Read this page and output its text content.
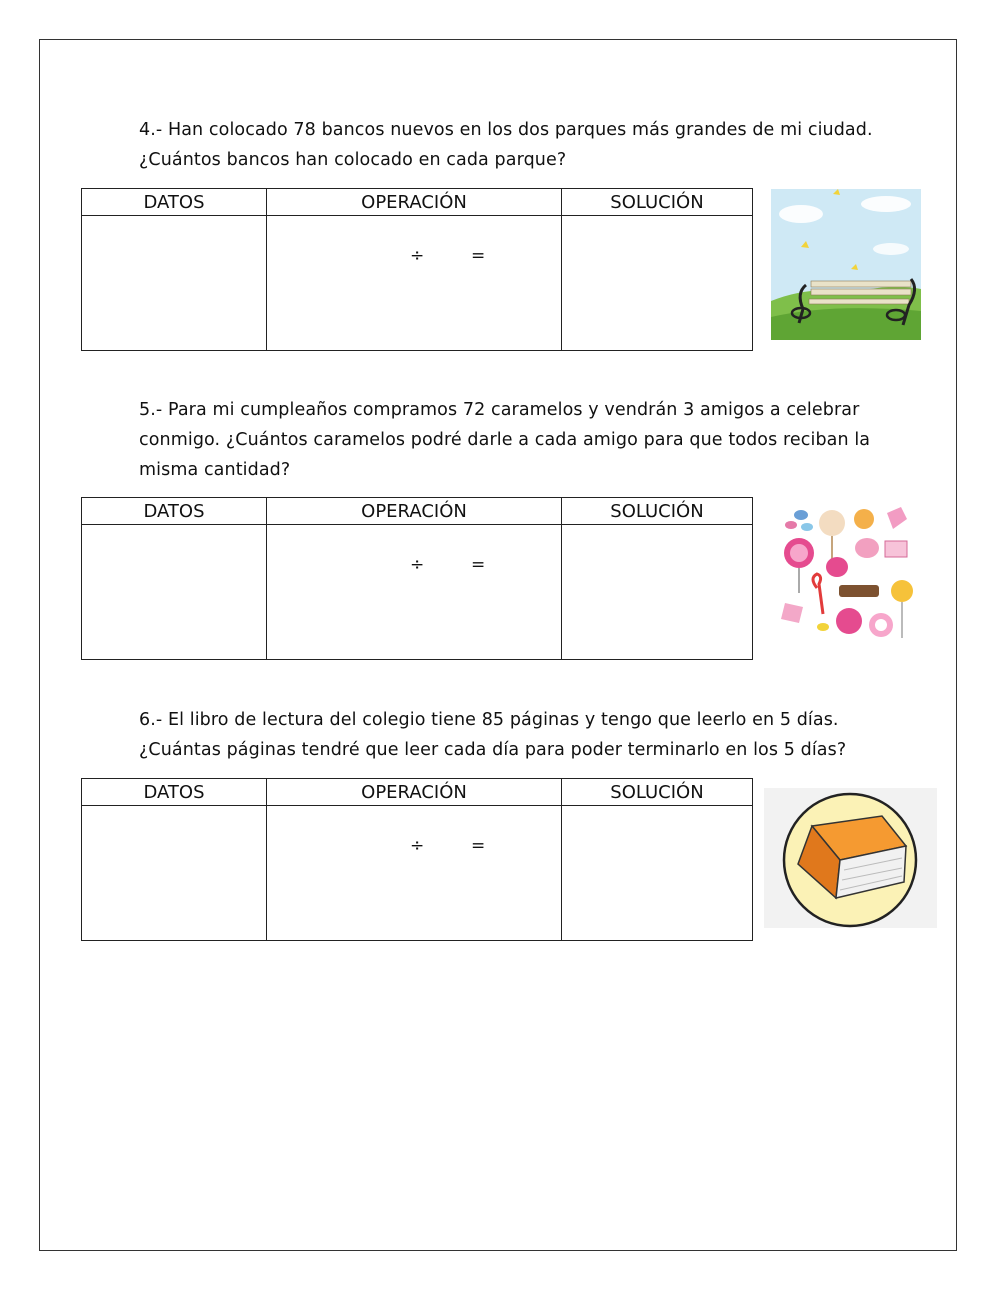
4.- Han colocado 78 bancos nuevos en los dos parques más grandes de mi ciudad.
¿Cuántos bancos han colocado en cada parque?
DATOS	OPERACIÓN	SOLUCIÓN

	÷ =	

5.- Para mi cumpleaños compramos 72 caramelos y vendrán 3 amigos a celebrar
conmigo. ¿Cuántos caramelos podré darle a cada amigo para que todos reciban la
misma cantidad?
DATOS	OPERACIÓN	SOLUCIÓN

	÷ =	

6.- El libro de lectura del colegio tiene 85 páginas y tengo que leerlo en 5 días.
¿Cuántas páginas tendré que leer cada día para poder terminarlo en los 5 días?
DATOS	OPERACIÓN	SOLUCIÓN

	÷ =	
